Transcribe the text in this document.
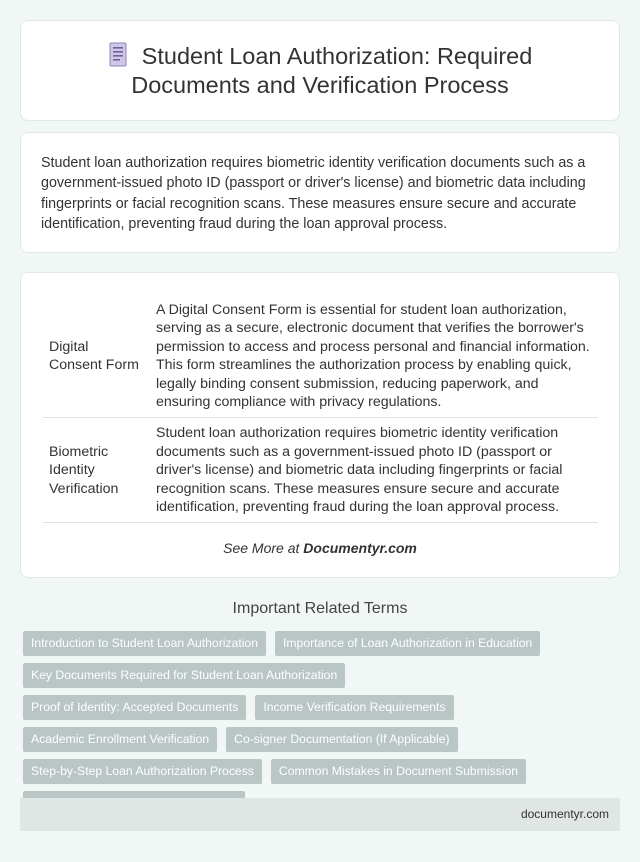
Student Loan Authorization: Required Documents and Verification Process

Student loan authorization requires biometric identity verification documents such as a government-issued photo ID (passport or driver's license) and biometric data including fingerprints or facial recognition scans. These measures ensure secure and accurate identification, preventing fraud during the loan approval process.

Digital Consent Form	A Digital Consent Form is essential for student loan authorization, serving as a secure, electronic document that verifies the borrower's permission to access and process personal and financial information. This form streamlines the authorization process by enabling quick, legally binding consent submission, reducing paperwork, and ensuring compliance with privacy regulations.
Biometric Identity Verification	Student loan authorization requires biometric identity verification documents such as a government-issued photo ID (passport or driver's license) and biometric data including fingerprints or facial recognition scans. These measures ensure secure and accurate identification, preventing fraud during the loan approval process.
See More at Documentyr.com
Important Related Terms
Introduction to Student Loan Authorization	Importance of Loan Authorization in Education
Key Documents Required for Student Loan Authorization
Proof of Identity: Accepted Documents	Income Verification Requirements
Academic Enrollment Verification	Co-signer Documentation (If Applicable)
Step-by-Step Loan Authorization Process	Common Mistakes in Document Submission
documentyr.com
